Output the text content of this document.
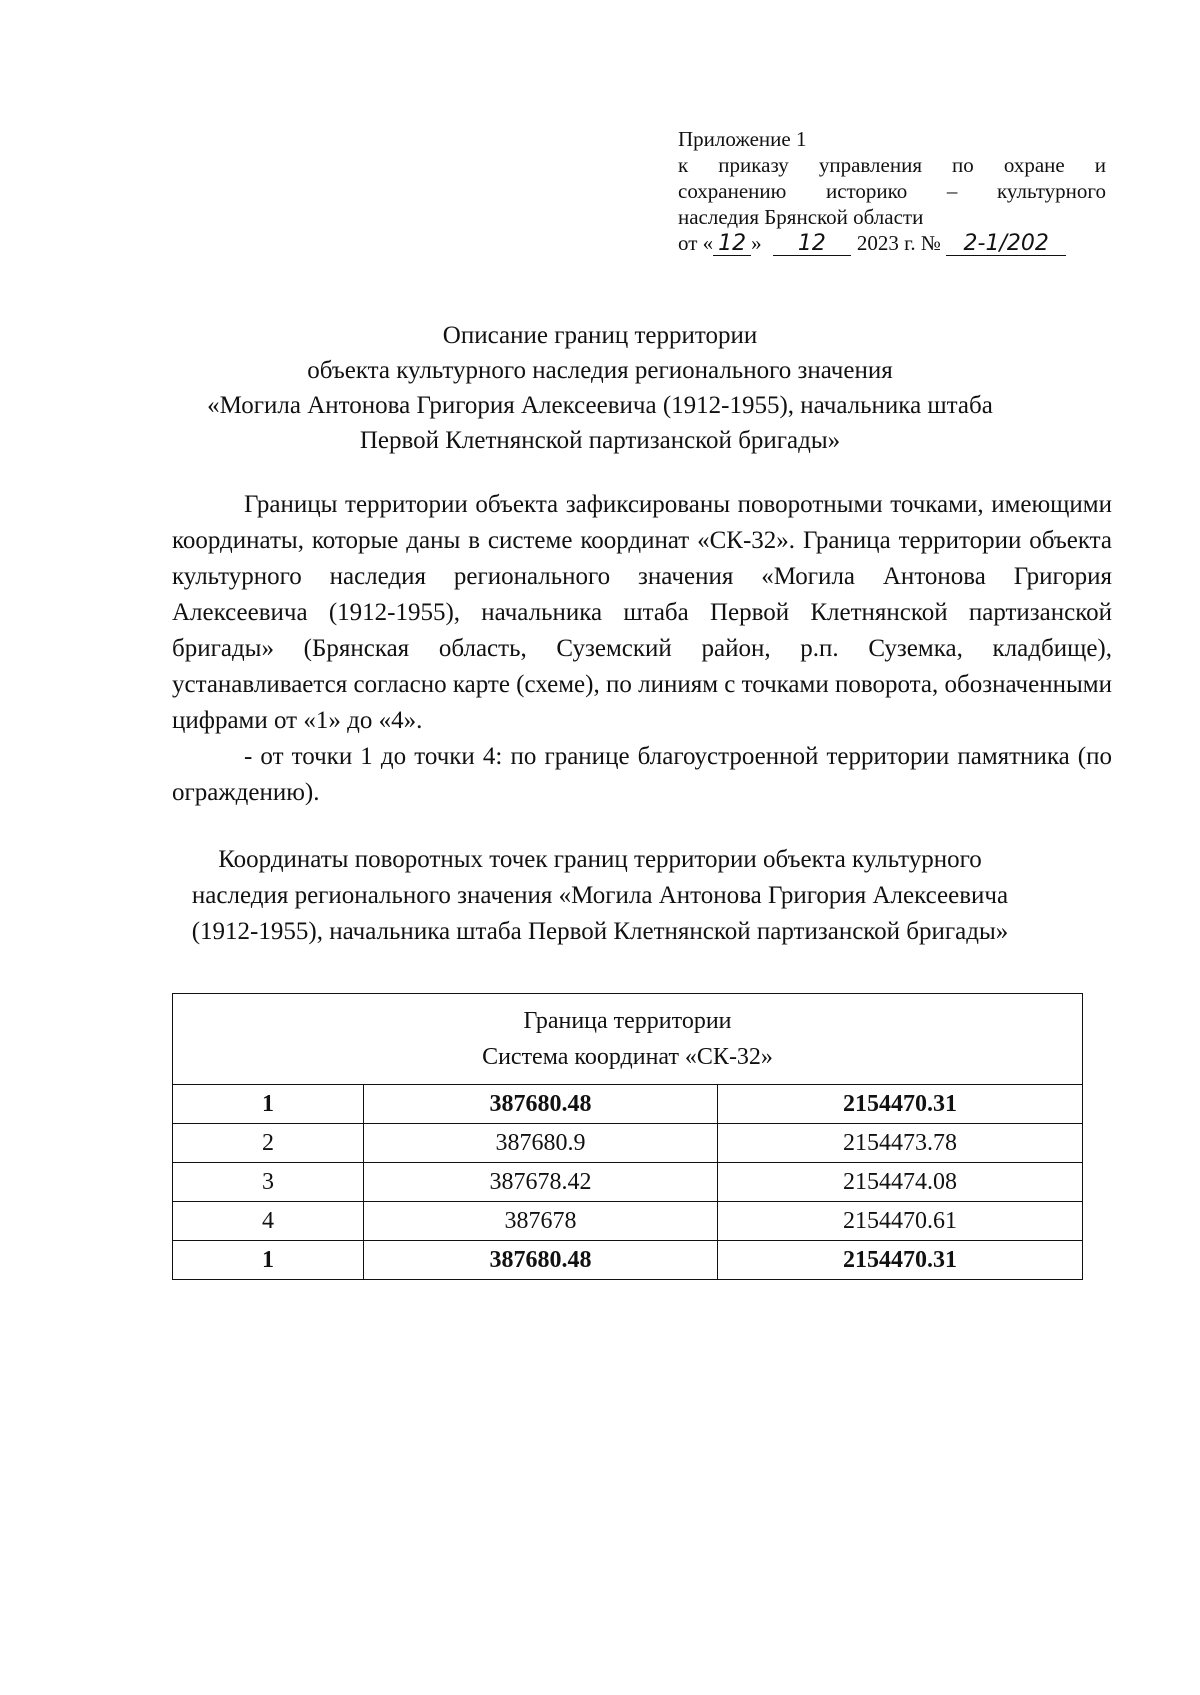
Приложение 1
к приказу управления по охране и
сохранению историко – культурного
наследия Брянской области
от « 12 » 12 2023 г. № 2-1/202
Описание границ территории
объекта культурного наследия регионального значения
«Могила Антонова Григория Алексеевича (1912-1955), начальника штаба
Первой Клетнянской партизанской бригады»

Границы территории объекта зафиксированы поворотными точками, имеющими координаты, которые даны в системе координат «СК-32». Граница территории объекта культурного наследия регионального значения «Могила Антонова Григория Алексеевича (1912-1955), начальника штаба Первой Клетнянской партизанской бригады» (Брянская область, Суземский район, р.п. Суземка, кладбище), устанавливается согласно карте (схеме), по линиям с точками поворота, обозначенными цифрами от «1» до «4».

- от точки 1 до точки 4: по границе благоустроенной территории памятника (по ограждению).

Координаты поворотных точек границ территории объекта культурного
наследия регионального значения «Могила Антонова Григория Алексеевича
(1912-1955), начальника штаба Первой Клетнянской партизанской бригады»
Граница территории
Система координат «СК-32»		

1	387680.48	2154470.31
2	387680.9	2154473.78
3	387678.42	2154474.08
4	387678	2154470.61
1	387680.48	2154470.31
